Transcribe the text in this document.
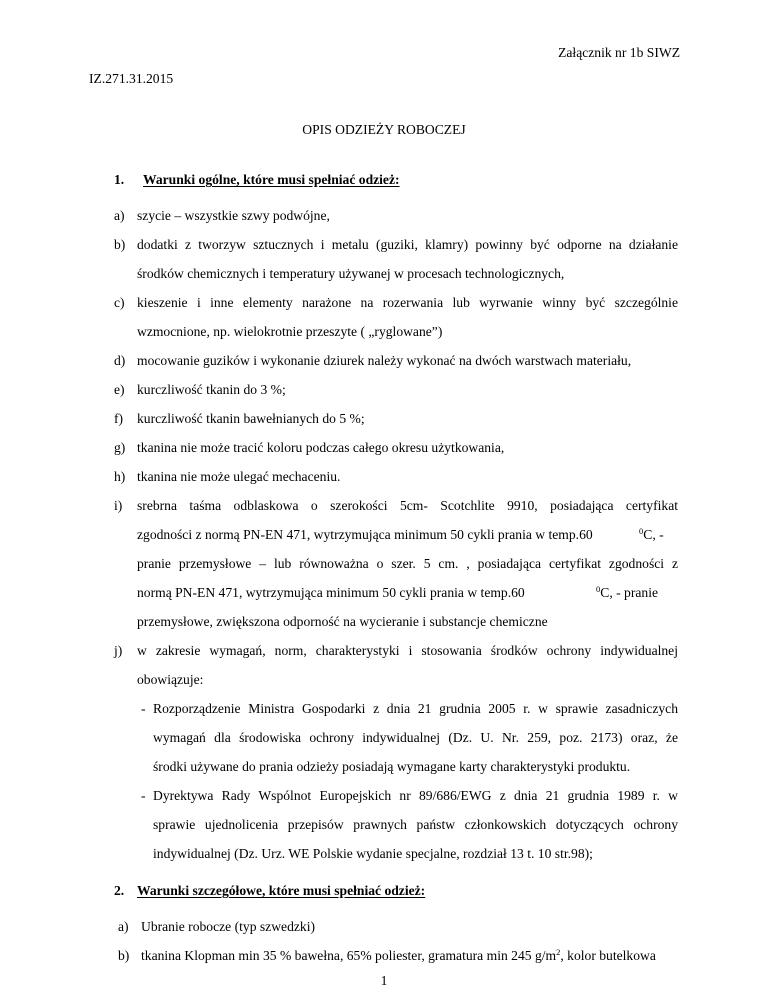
Załącznik nr 1b SIWZ
IZ.271.31.2015
OPIS ODZIEŻY ROBOCZEJ
1. Warunki ogólne, które musi spełniać odzież:
a) szycie – wszystkie szwy podwójne,
b) dodatki z tworzyw sztucznych i metalu (guziki, klamry) powinny być odporne na działanie
środków chemicznych i temperatury używanej w procesach technologicznych,
c) kieszenie i inne elementy narażone na rozerwania lub wyrwanie winny być szczególnie
wzmocnione, np. wielokrotnie przeszyte ( „ryglowane”)
d) mocowanie guzików i wykonanie dziurek należy wykonać na dwóch warstwach materiału,
e) kurczliwość tkanin do 3 %;
f) kurczliwość tkanin bawełnianych do 5 %;
g) tkanina nie może tracić koloru podczas całego okresu użytkowania,
h) tkanina nie może ulegać mechaceniu.
i) srebrna taśma odblaskowa o szerokości 5cm- Scotchlite 9910, posiadająca certyfikat
zgodności z normą PN-EN 471, wytrzymująca minimum 50 cykli prania w temp.60	$^0$C, -
pranie przemysłowe – lub równoważna o szer. 5 cm. , posiadająca certyfikat zgodności z
normą PN-EN 471, wytrzymująca minimum 50 cykli prania w temp.60	$^0$C, - pranie
przemysłowe, zwiększona odporność na wycieranie i substancje chemiczne
j) w zakresie wymagań, norm, charakterystyki i stosowania środków ochrony indywidualnej
obowiązuje:
- Rozporządzenie Ministra Gospodarki z dnia 21 grudnia 2005 r. w sprawie zasadniczych
wymagań dla środowiska ochrony indywidualnej (Dz. U. Nr. 259, poz. 2173) oraz, że
środki używane do prania odzieży posiadają wymagane karty charakterystyki produktu.
- Dyrektywa Rady Wspólnot Europejskich nr 89/686/EWG z dnia 21 grudnia 1989 r. w
sprawie ujednolicenia przepisów prawnych państw członkowskich dotyczących ochrony
indywidualnej (Dz. Urz. WE Polskie wydanie specjalne, rozdział 13 t. 10 str.98);
2. Warunki szczegółowe, które musi spełniać odzież:
a) Ubranie robocze (typ szwedzki)
b) tkanina Klopman min 35 % bawełna, 65% poliester, gramatura min 245 $g/m^2$, kolor butelkowa
1
